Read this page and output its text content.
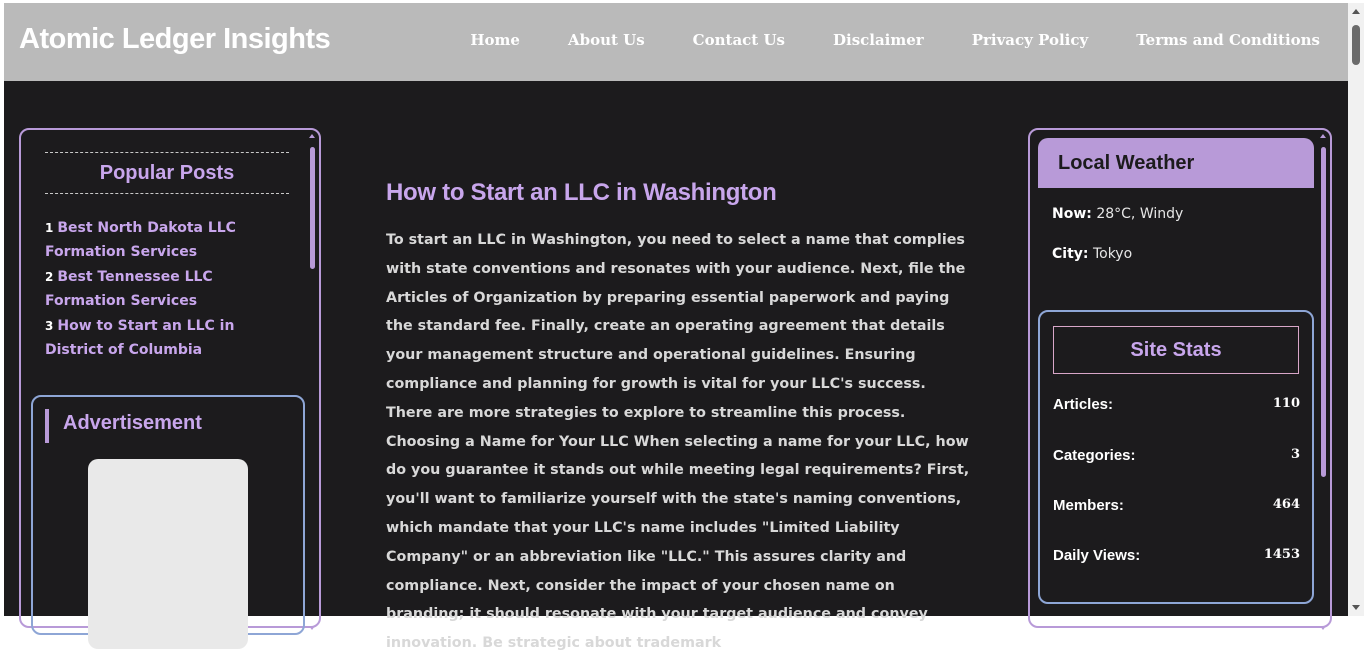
Atomic Ledger Insights	Home	About Us	Contact Us	Disclaimer	Privacy Policy	Terms and Conditions
Popular Posts
1 Best North Dakota LLC Formation Services
2 Best Tennessee LLC Formation Services
3 How to Start an LLC in District of Columbia
Advertisement
How to Start an LLC in Washington

To start an LLC in Washington, you need to select a name that complies with state conventions and resonates with your audience. Next, file the Articles of Organization by preparing essential paperwork and paying the standard fee. Finally, create an operating agreement that details your management structure and operational guidelines. Ensuring compliance and planning for growth is vital for your LLC's success. There are more strategies to explore to streamline this process. Choosing a Name for Your LLC When selecting a name for your LLC, how do you guarantee it stands out while meeting legal requirements? First, you'll want to familiarize yourself with the state's naming conventions, which mandate that your LLC's name includes "Limited Liability Company" or an abbreviation like "LLC." This assures clarity and compliance. Next, consider the impact of your chosen name on branding; it should resonate with your target audience and convey innovation. Be strategic about trademark

Local Weather
Now: 28°C, Windy
City: Tokyo
Site Stats
Articles:	110
Categories:	3
Members:	464
Daily Views:	1453
